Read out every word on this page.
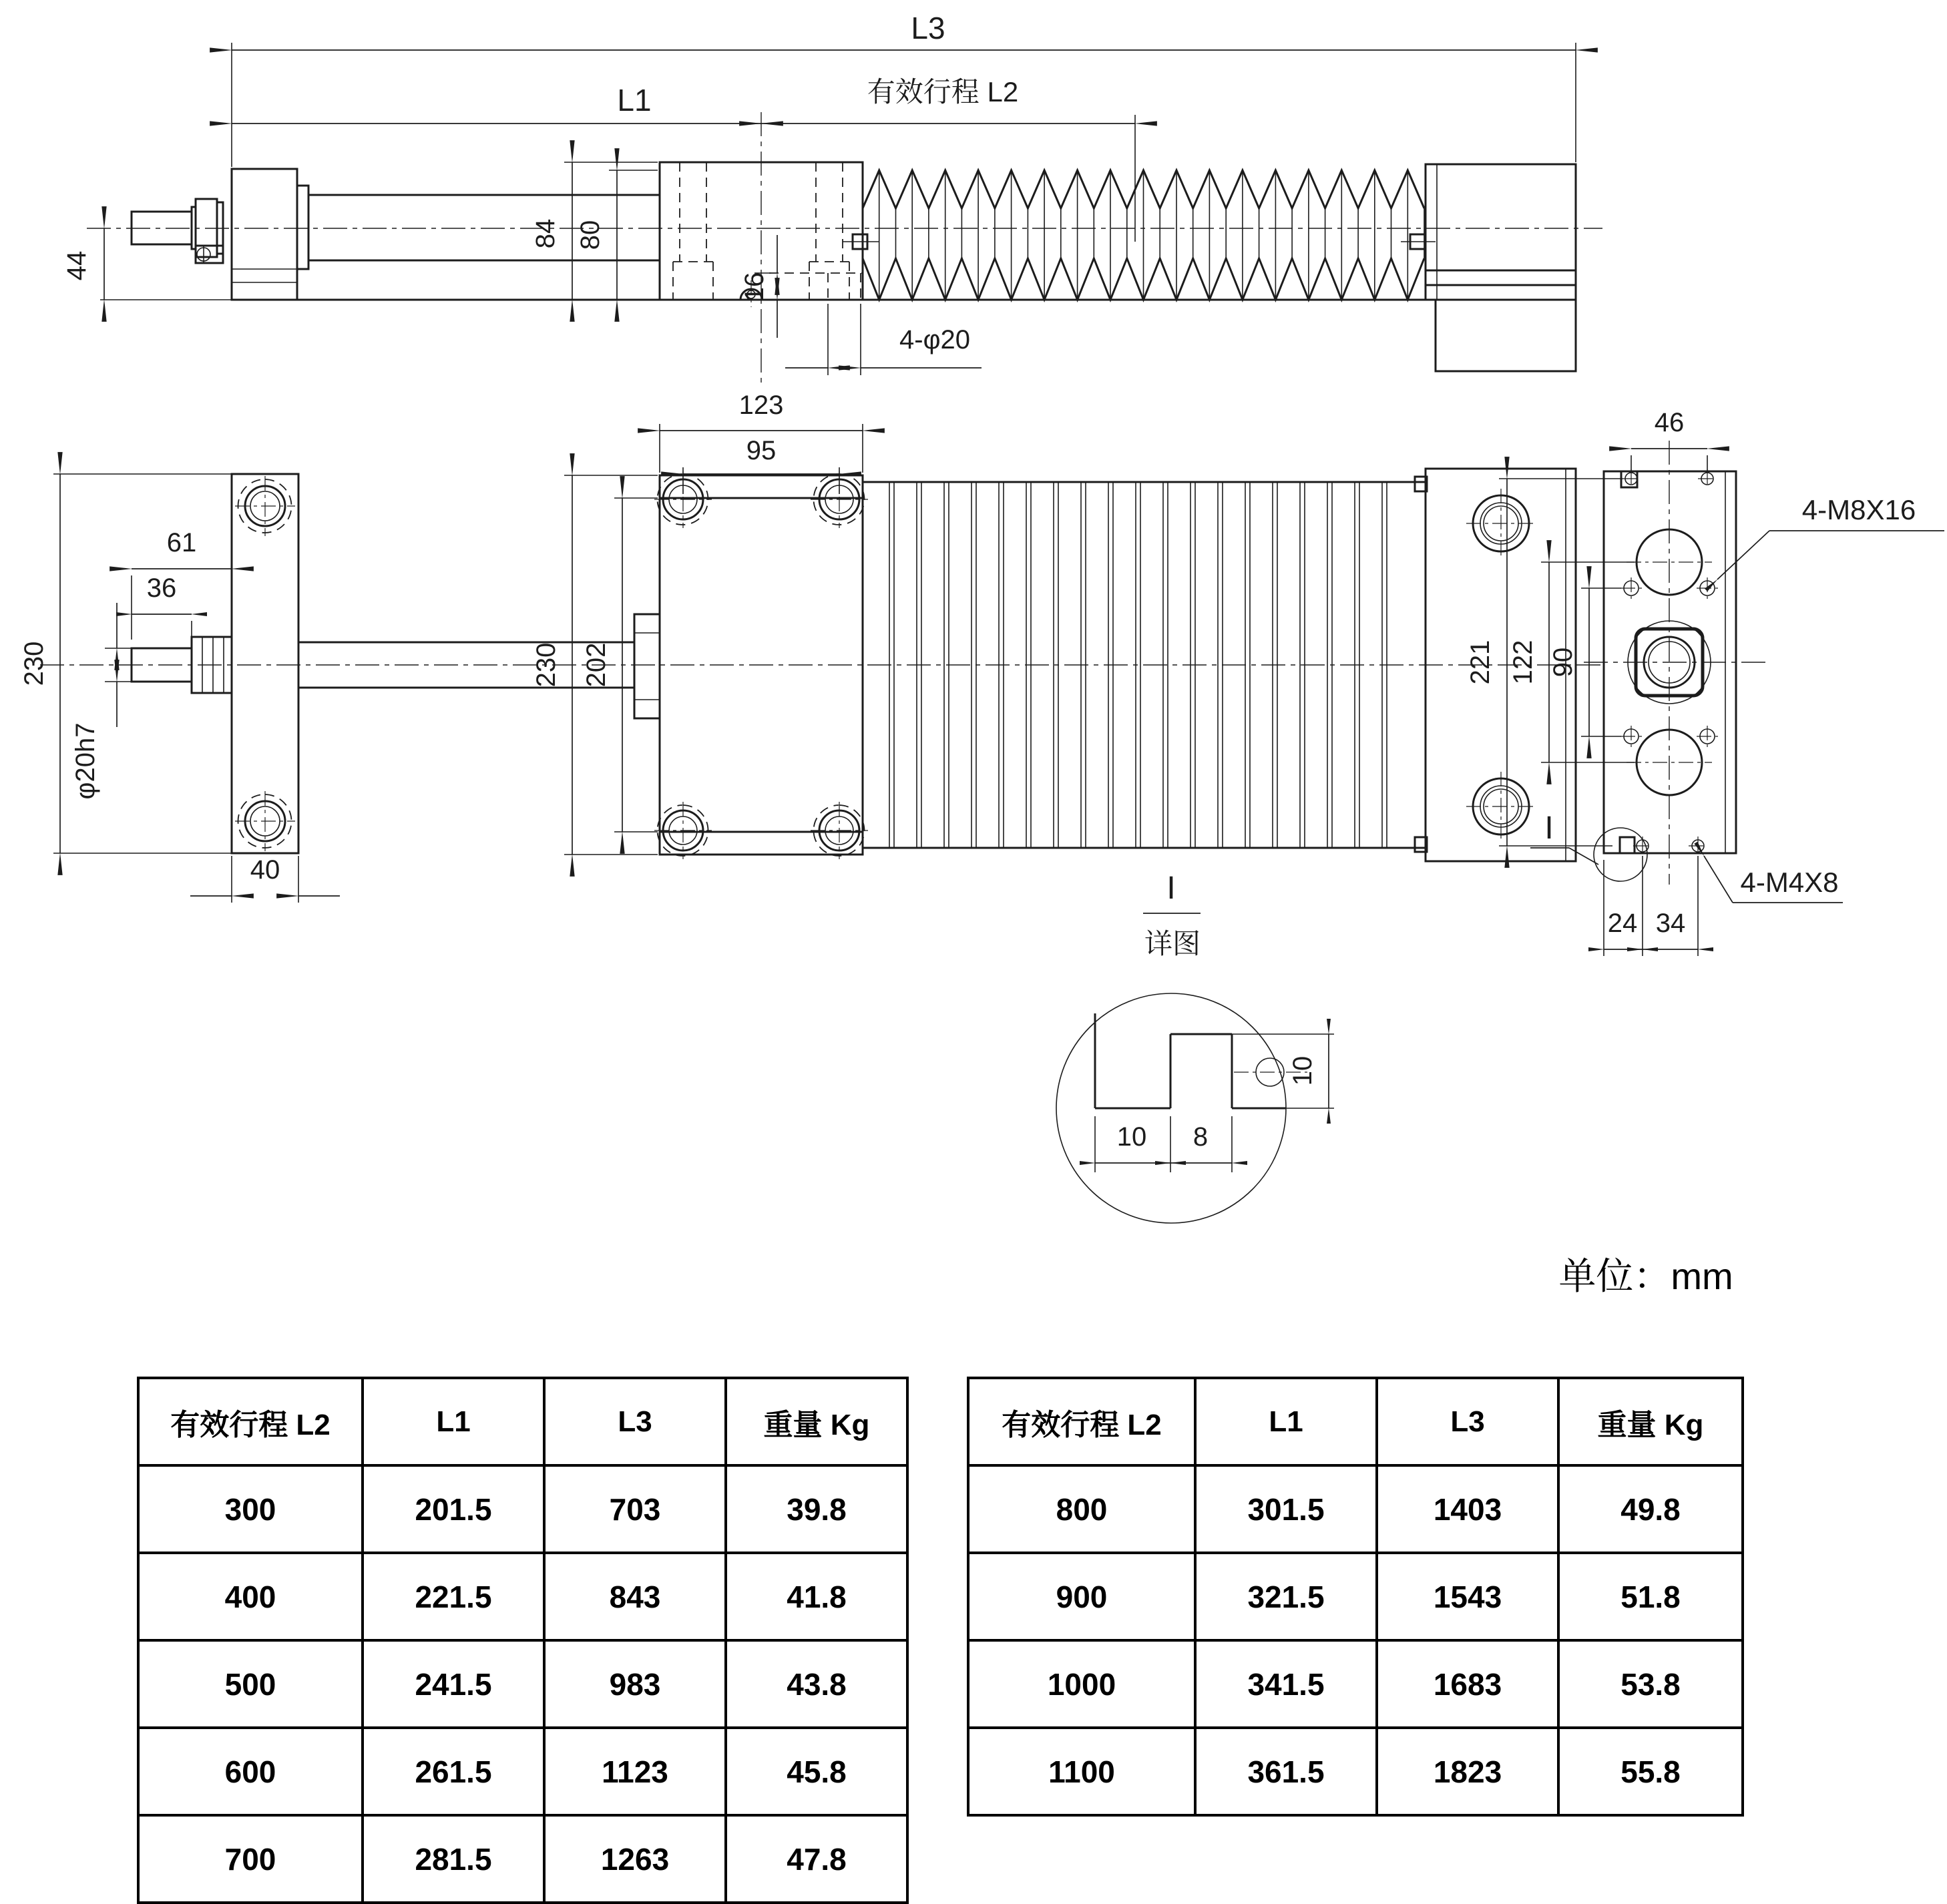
L3
L1	有效行程 L2
44
84 80
16
4-φ20
230
φ20h7
61
36
40
123
95
230 202
46
221 122 90
4-M8X16
4-M4X8
I
24 34
I
详图
10 8
10
单位：mm
有效行程 L2	L1	L3	重量 Kg
300	201.5	703	39.8
400	221.5	843	41.8
500	241.5	983	43.8
600	261.5	1123	45.8
700	281.5	1263	47.8
有效行程 L2	L1	L3	重量 Kg
800	301.5	1403	49.8
900	321.5	1543	51.8
1000	341.5	1683	53.8
1100	361.5	1823	55.8
